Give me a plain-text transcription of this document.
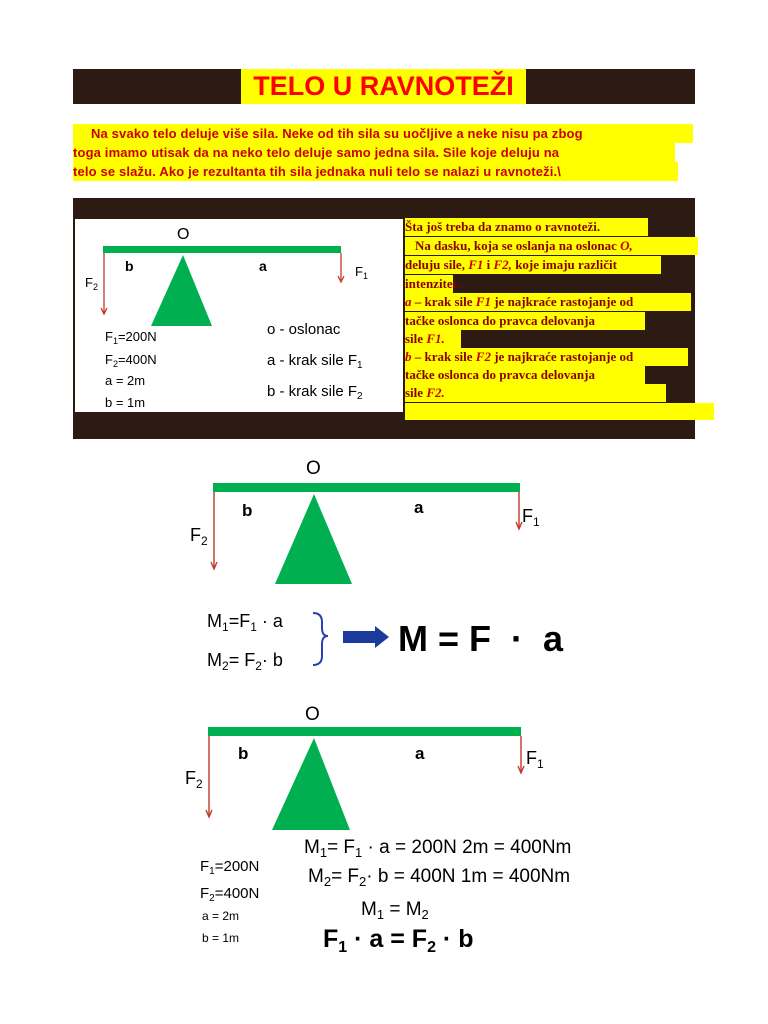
TELO U RAVNOTEŽI
Na svako telo deluje više sila. Neke od tih sila su uočljive a neke nisu pa zbog
toga imamo utisak da na neko telo deluje samo jedna sila. Sile koje deluju na
telo se slažu. Ako je rezultanta tih sila jednaka nuli telo se nalazi u ravnoteži.\
O
b	a	$F_1$
$F_2$
$F_1=200N$
$F_2=400N$
a = 2m
b = 1m
o - oslonac
a - krak sile $F_1$
b - krak sile $F_2$
Šta još treba da znamo o ravnoteži.
Na dasku, koja se oslanja na oslonac O,
deluju sile, F1 i F2, koje imaju različit
intenzitet.
a – krak sile F1 je najkraće rastojanje od
tačke oslonca do pravca delovanja
sile F1.
b – krak sile F2 je najkraće rastojanje od
tačke oslonca do pravca delovanja
sile F2.
O
b	a	$F_1$
$F_2$
$M_1=F_1 \cdot a$
$M_2= F_2\cdot b$
M = F  ·  a
O
b	a	$F_1$
$F_2$
$F_1=200N$
$F_2=400N$
a = 2m
b = 1m
$M_1= F_1 \cdot a = 200N$ 2m = 400Nm
$M_2= F_2\cdot b = 400N$ 1m = 400Nm
$M_1 = M_2$
$F_1 \cdot a = F_2 \cdot b$
